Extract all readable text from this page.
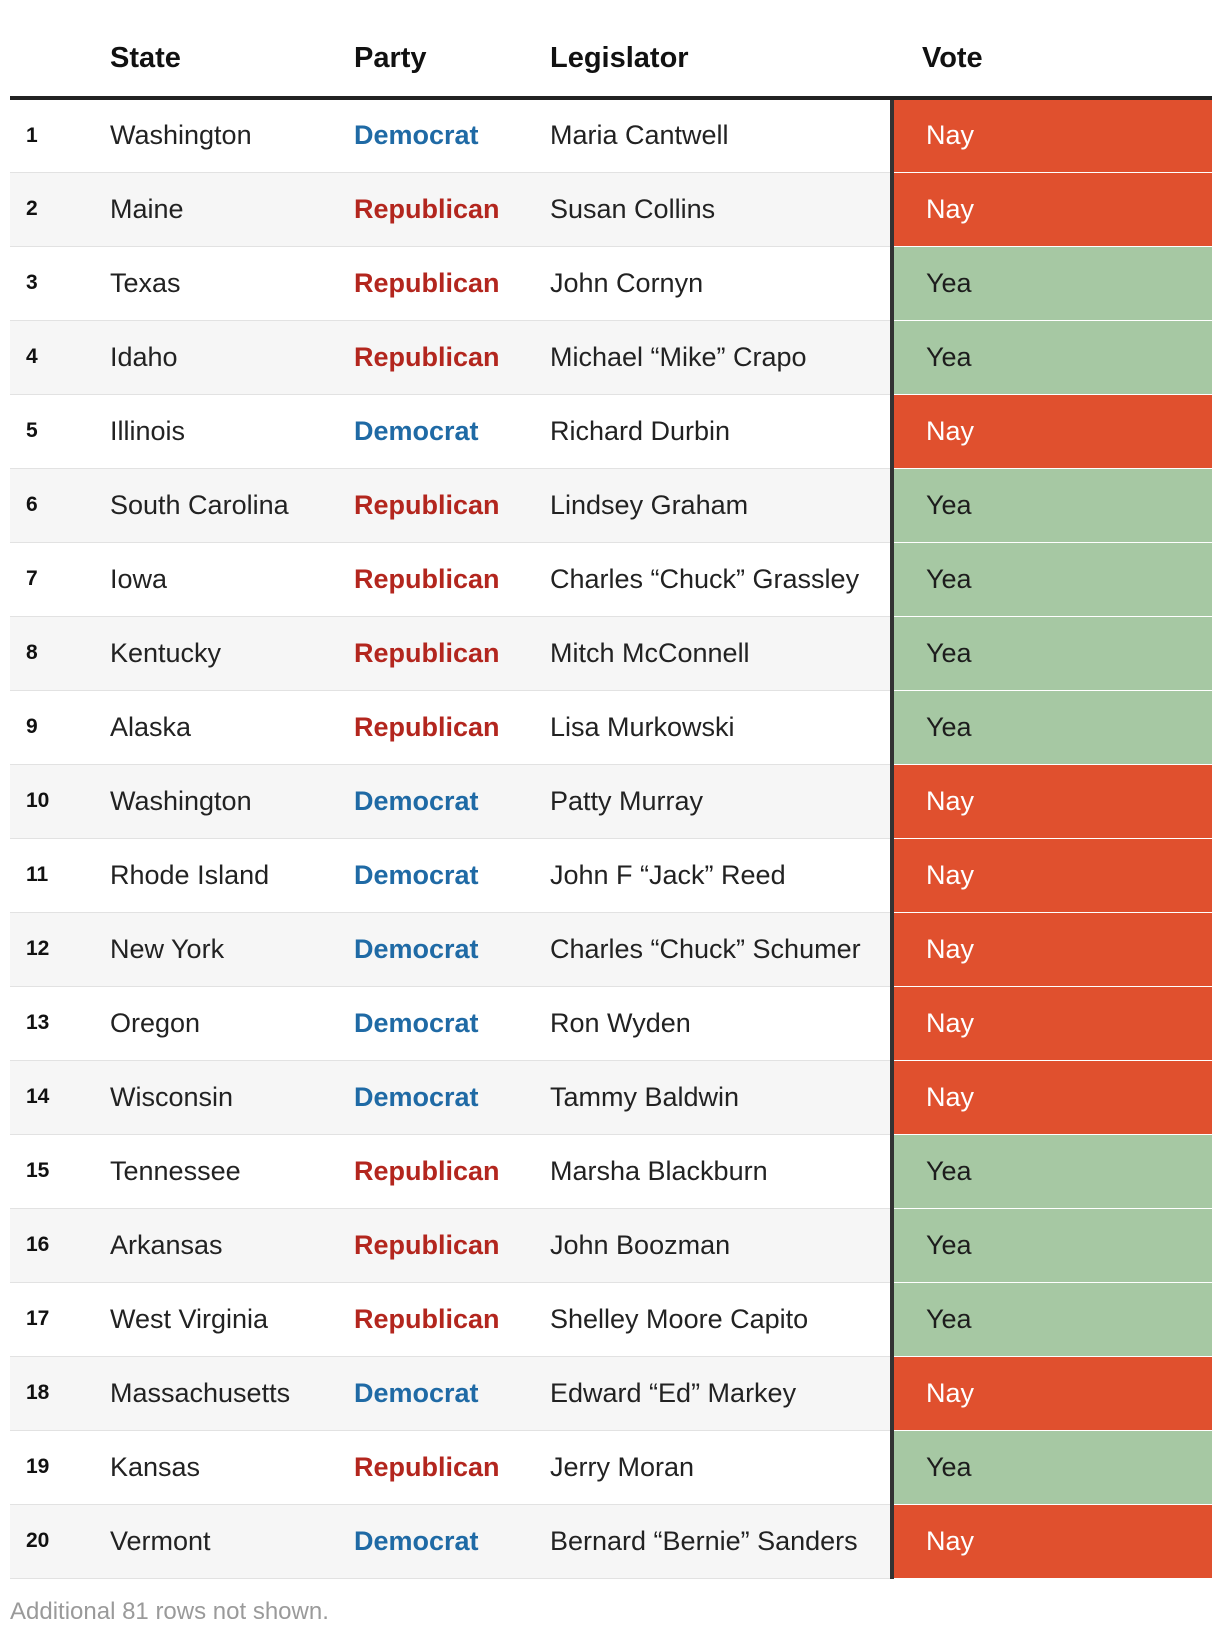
	State	Party	Legislator	Vote
1	Washington	Democrat	Maria Cantwell	Nay
2	Maine	Republican	Susan Collins	Nay
3	Texas	Republican	John Cornyn	Yea
4	Idaho	Republican	Michael “Mike” Crapo	Yea
5	Illinois	Democrat	Richard Durbin	Nay
6	South Carolina	Republican	Lindsey Graham	Yea
7	Iowa	Republican	Charles “Chuck” Grassley	Yea
8	Kentucky	Republican	Mitch McConnell	Yea
9	Alaska	Republican	Lisa Murkowski	Yea
10	Washington	Democrat	Patty Murray	Nay
11	Rhode Island	Democrat	John F “Jack” Reed	Nay
12	New York	Democrat	Charles “Chuck” Schumer	Nay
13	Oregon	Democrat	Ron Wyden	Nay
14	Wisconsin	Democrat	Tammy Baldwin	Nay
15	Tennessee	Republican	Marsha Blackburn	Yea
16	Arkansas	Republican	John Boozman	Yea
17	West Virginia	Republican	Shelley Moore Capito	Yea
18	Massachusetts	Democrat	Edward “Ed” Markey	Nay
19	Kansas	Republican	Jerry Moran	Yea
20	Vermont	Democrat	Bernard “Bernie” Sanders	Nay
Additional 81 rows not shown.
